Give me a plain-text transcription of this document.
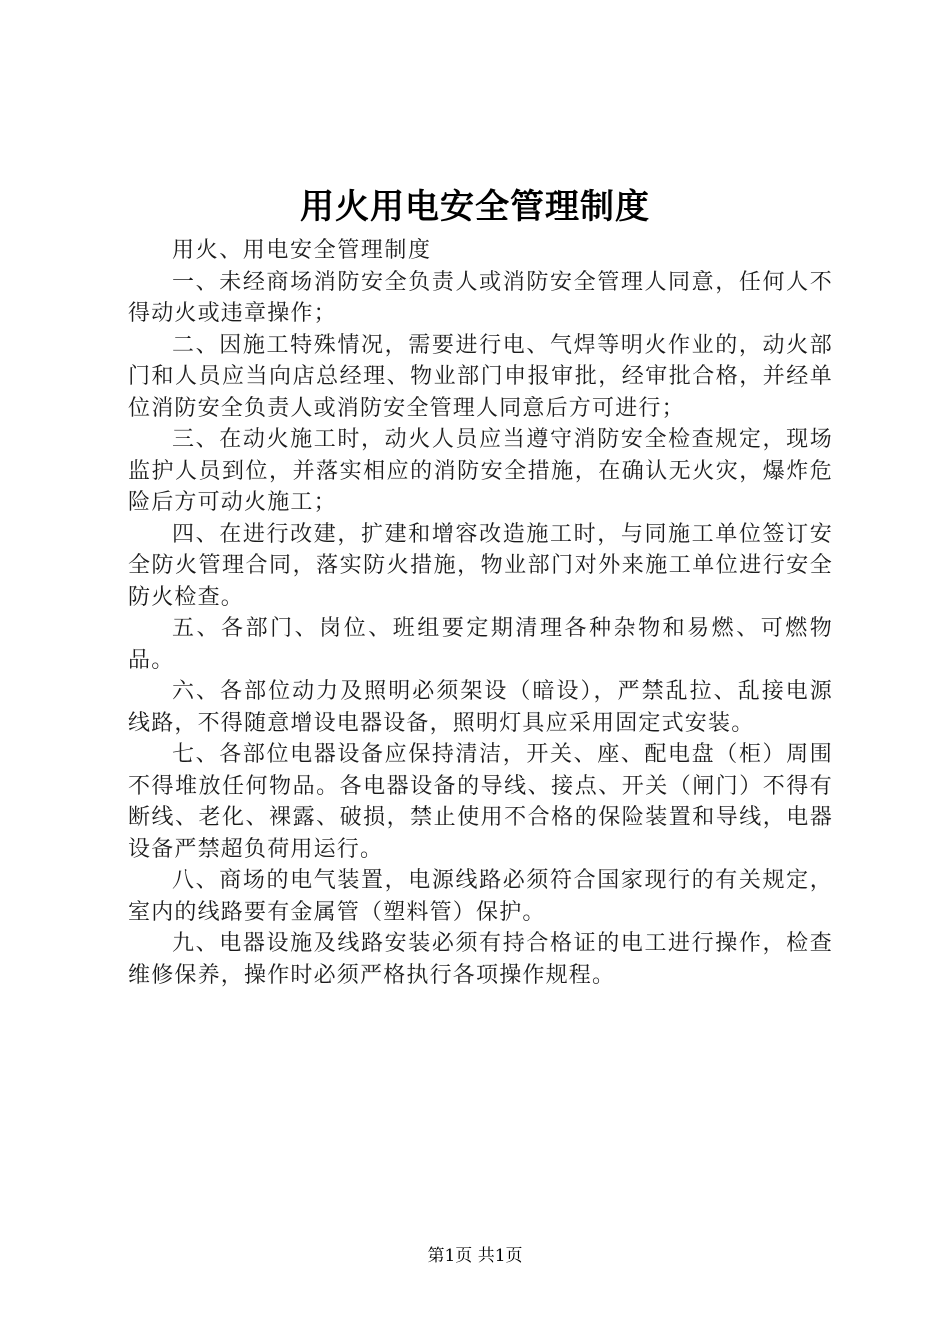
用火用电安全管理制度

用火、用电安全管理制度

一、未经商场消防安全负责人或消防安全管理人同意，任何人不得动火或违章操作；

二、因施工特殊情况，需要进行电、气焊等明火作业的，动火部门和人员应当向店总经理、物业部门申报审批，经审批合格，并经单位消防安全负责人或消防安全管理人同意后方可进行；

三、在动火施工时，动火人员应当遵守消防安全检查规定，现场监护人员到位，并落实相应的消防安全措施，在确认无火灾，爆炸危险后方可动火施工；

四、在进行改建，扩建和增容改造施工时，与同施工单位签订安全防火管理合同，落实防火措施，物业部门对外来施工单位进行安全防火检查。

五、各部门、岗位、班组要定期清理各种杂物和易燃、可燃物品。

六、各部位动力及照明必须架设（暗设），严禁乱拉、乱接电源线路，不得随意增设电器设备，照明灯具应采用固定式安装。

七、各部位电器设备应保持清洁，开关、座、配电盘（柜）周围不得堆放任何物品。各电器设备的导线、接点、开关（闸门）不得有断线、老化、裸露、破损，禁止使用不合格的保险装置和导线，电器设备严禁超负荷用运行。

八、商场的电气装置，电源线路必须符合国家现行的有关规定，室内的线路要有金属管（塑料管）保护。

九、电器设施及线路安装必须有持合格证的电工进行操作，检查维修保养，操作时必须严格执行各项操作规程。

第1页 共1页
